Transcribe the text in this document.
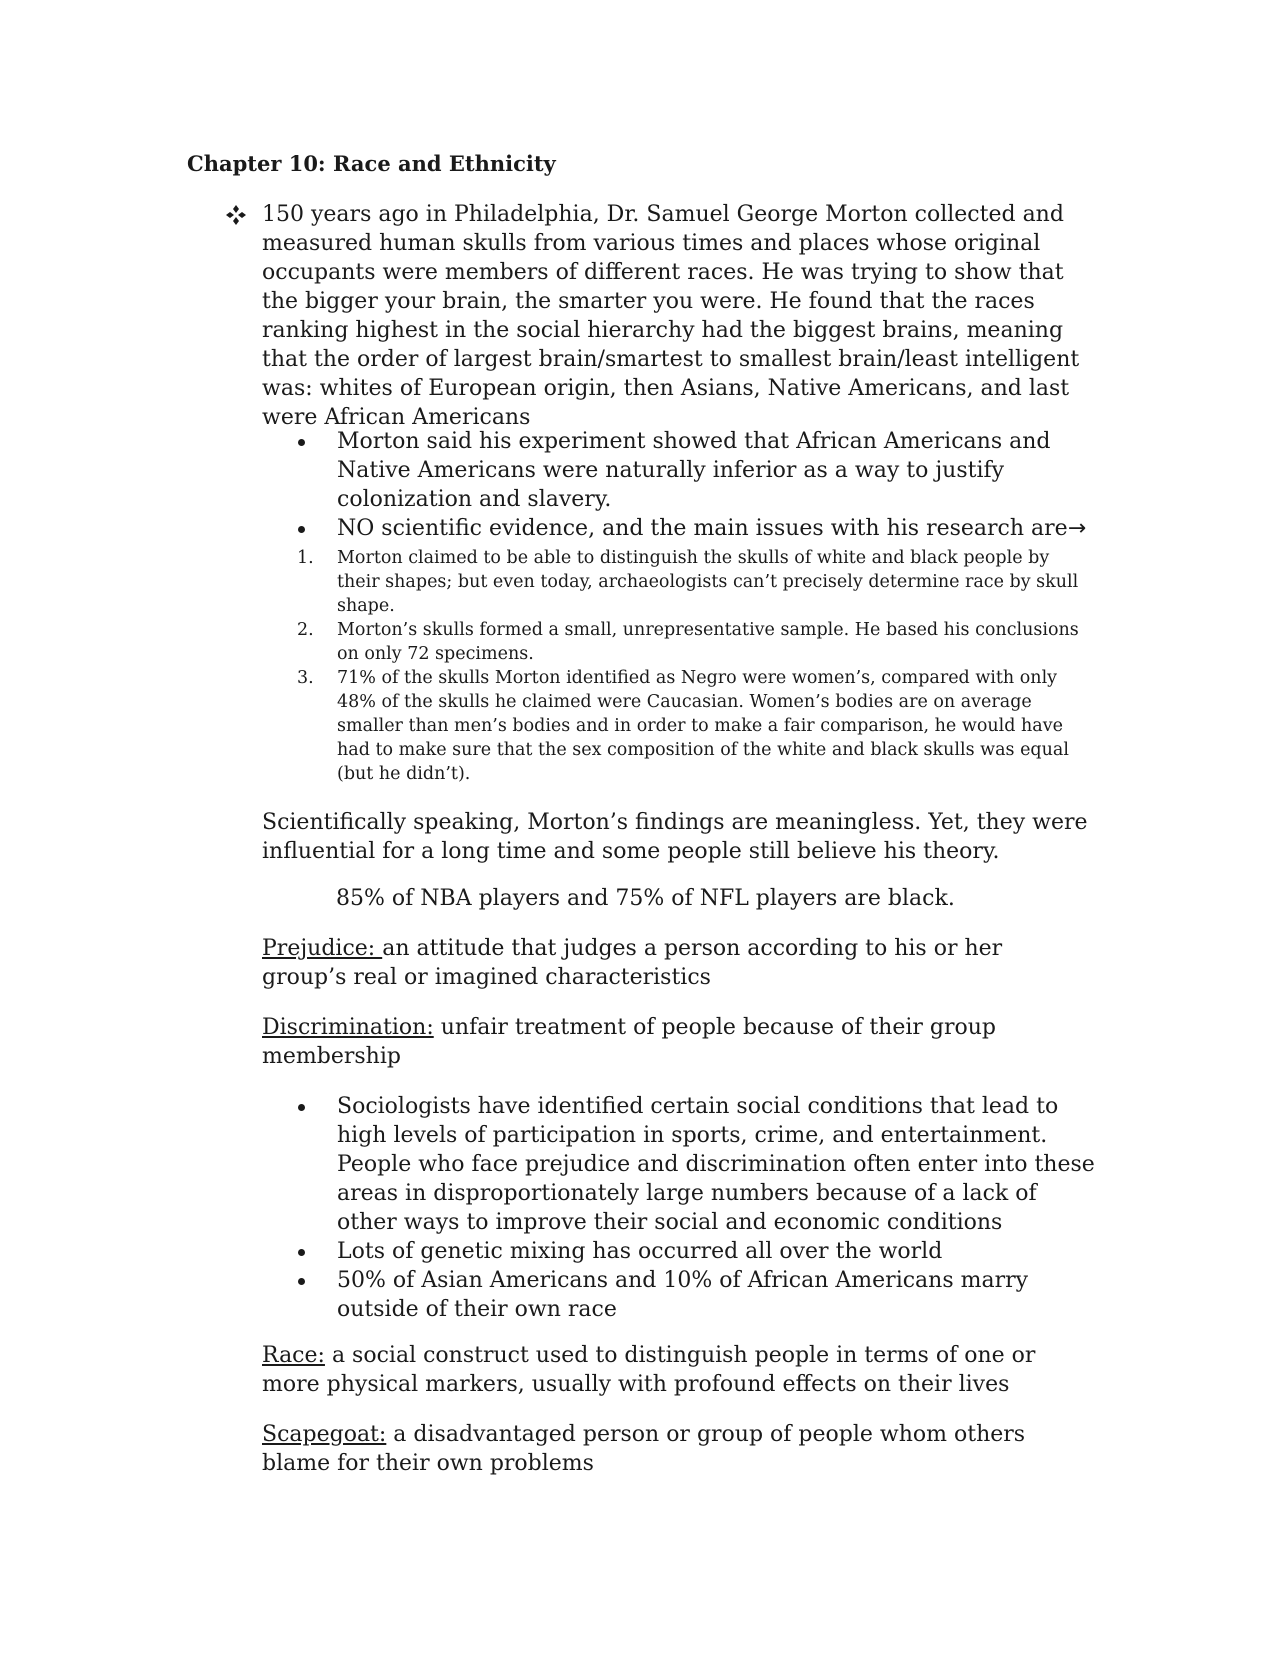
Chapter 10: Race and Ethnicity
150 years ago in Philadelphia, Dr. Samuel George Morton collected and measured human skulls from various times and places whose original occupants were members of different races. He was trying to show that the bigger your brain, the smarter you were. He found that the races ranking highest in the social hierarchy had the biggest brains, meaning that the order of largest brain/smartest to smallest brain/least intelligent was: whites of European origin, then Asians, Native Americans, and last were African Americans
Morton said his experiment showed that African Americans and Native Americans were naturally inferior as a way to justify colonization and slavery.
NO scientific evidence, and the main issues with his research are→
1.	Morton claimed to be able to distinguish the skulls of white and black people by their shapes; but even today, archaeologists can’t precisely determine race by skull shape.
2.	Morton’s skulls formed a small, unrepresentative sample. He based his conclusions on only 72 specimens.
3.	71% of the skulls Morton identified as Negro were women’s, compared with only 48% of the skulls he claimed were Caucasian. Women’s bodies are on average smaller than men’s bodies and in order to make a fair comparison, he would have had to make sure that the sex composition of the white and black skulls was equal (but he didn’t).
Scientifically speaking, Morton’s findings are meaningless. Yet, they were influential for a long time and some people still believe his theory.
85% of NBA players and 75% of NFL players are black.
Prejudice: an attitude that judges a person according to his or her group’s real or imagined characteristics
Discrimination: unfair treatment of people because of their group membership
Sociologists have identified certain social conditions that lead to high levels of participation in sports, crime, and entertainment. People who face prejudice and discrimination often enter into these areas in disproportionately large numbers because of a lack of other ways to improve their social and economic conditions
Lots of genetic mixing has occurred all over the world
50% of Asian Americans and 10% of African Americans marry outside of their own race
Race: a social construct used to distinguish people in terms of one or more physical markers, usually with profound effects on their lives
Scapegoat: a disadvantaged person or group of people whom others blame for their own problems
